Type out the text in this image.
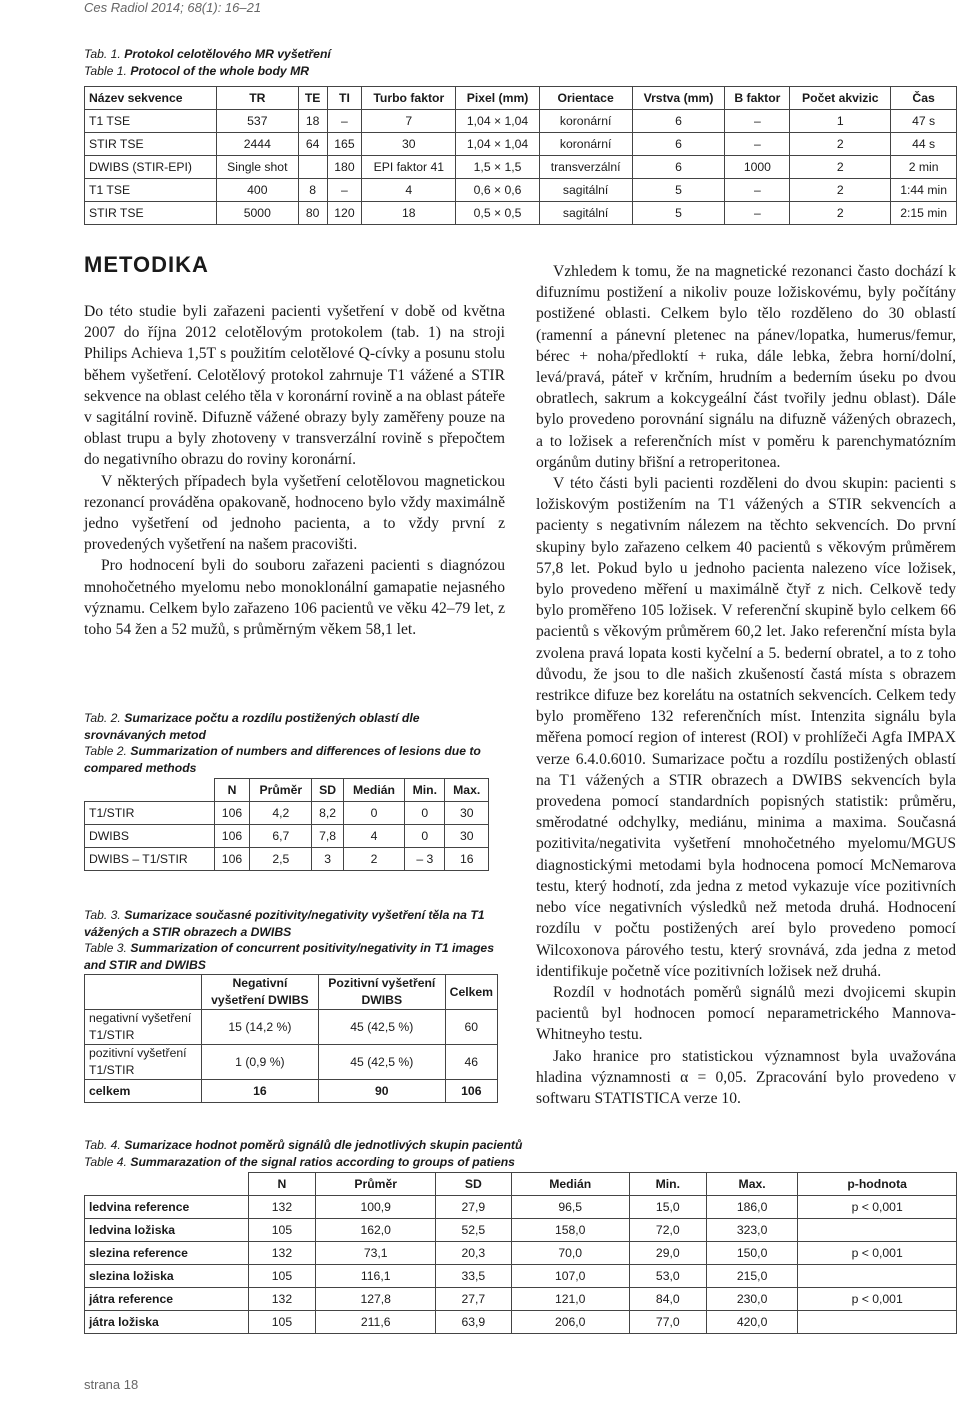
Ces Radiol 2014; 68(1): 16–21
Tab. 1. Protokol celotělového MR vyšetření
Table 1. Protocol of the whole body MR
Název sekvence	TR	TE	TI	Turbo faktor	Pixel (mm)	Orientace	Vrstva (mm)	B faktor	Počet akvizic	Čas
T1 TSE	537	18	–	7	1,04 × 1,04	koronární	6	–	1	47 s
STIR TSE	2444	64	165	30	1,04 × 1,04	koronární	6	–	2	44 s
DWIBS (STIR-EPI)	Single shot		180	EPI faktor 41	1,5 × 1,5	transverzální	6	1000	2	2 min
T1 TSE	400	8	–	4	0,6 × 0,6	sagitální	5	–	2	1:44 min
STIR TSE	5000	80	120	18	0,5 × 0,5	sagitální	5	–	2	2:15 min
METODIKA

Do této studie byli zařazeni pacienti vyšetření v době od května 2007 do října 2012 celotělovým protokolem (tab. 1) na stroji Philips Achieva 1,5T s použitím celotělové Q-cívky a posunu stolu během vyšetření. Celotělový protokol zahrnuje T1 vážené a STIR sekvence na oblast celého těla v koronární rovině a na oblast páteře v sagitální rovině. Difuzně vážené obrazy byly zaměřeny pouze na oblast trupu a byly zhotoveny v transverzální rovině s přepočtem do negativního obrazu do roviny koronární.

V některých případech byla vyšetření celotělovou magnetickou rezonancí prováděna opakovaně, hodnoceno bylo vždy maximálně jedno vyšetření od jednoho pacienta, a to vždy první z provedených vyšetření na našem pracovišti.

Pro hodnocení byli do souboru zařazeni pacienti s diagnózou mnohočetného myelomu nebo monoklonální gamapatie nejasného významu. Celkem bylo zařazeno 106 pacientů ve věku 42–79 let, z toho 54 žen a 52 mužů, s průměrným věkem 58,1 let.

Vzhledem k tomu, že na magnetické rezonanci často dochází k difuznímu postižení a nikoliv pouze ložiskovému, byly počítány postižené oblasti. Celkem bylo tělo rozděleno do 30 oblastí (ramenní a pánevní pletenec na pánev/lopatka, humerus/femur, bérec + noha/předloktí + ruka, dále lebka, žebra horní/dolní, levá/pravá, páteř v krčním, hrudním a bederním úseku po dvou obratlech, sakrum a kokcygeální část tvořily jednu oblast). Dále bylo provedeno porovnání signálu na difuzně vážených obrazech, a to ložisek a referenčních míst v poměru k parenchymatózním orgánům dutiny břišní a retroperitonea.

V této části byli pacienti rozděleni do dvou skupin: pacienti s ložiskovým postižením na T1 vážených a STIR sekvencích a pacienty s negativním nálezem na těchto sekvencích. Do první skupiny bylo zařazeno celkem 40 pacientů s věkovým průměrem 57,8 let. Pokud bylo u jednoho pacienta nalezeno více ložisek, bylo provedeno měření u maximálně čtyř z nich. Celkově tedy bylo proměřeno 105 ložisek. V referenční skupině bylo celkem 66 pacientů s věkovým průměrem 60,2 let. Jako referenční místa byla zvolena pravá lopata kosti kyčelní a 5. bederní obratel, a to z toho důvodu, že jsou to dle našich zkušeností častá místa s obrazem restrikce difuze bez korelátu na ostatních sekvencích. Celkem tedy bylo proměřeno 132 referenčních míst. Intenzita signálu byla měřena pomocí region of interest (ROI) v prohlížeči Agfa IMPAX verze 6.4.0.6010. Sumarizace počtu a rozdílu postižených oblastí na T1 vážených a STIR obrazech a DWIBS sekvencích byla provedena pomocí standardních popisných statistik: průměru, směrodatné odchylky, mediánu, minima a maxima. Současná pozitivita/negativita vyšetření mnohočetného myelomu/MGUS diagnostickými metodami byla hodnocena pomocí McNemarova testu, který hodnotí, zda jedna z metod vykazuje více pozitivních nebo více negativních výsledků než metoda druhá. Hodnocení rozdílu v počtu postižených areí bylo provedeno pomocí Wilcoxonova párového testu, který srovnává, zda jedna z metod identifikuje početně více pozitivních ložisek než druhá.

Rozdíl v hodnotách poměrů signálů mezi dvojicemi skupin pacientů byl hodnocen pomocí neparametrického Mannova-Whitneyho testu.

Jako hranice pro statistickou významnost byla uvažována hladina významnosti α = 0,05. Zpracování bylo provedeno v softwaru STATISTICA verze 10.

Tab. 2. Sumarizace počtu a rozdílu postižených oblastí dle srovnávaných metod
Table 2. Summarization of numbers and differences of lesions due to compared methods
	N	Průměr	SD	Medián	Min.	Max.
T1/STIR	106	4,2	8,2	0	0	30
DWIBS	106	6,7	7,8	4	0	30
DWIBS – T1/STIR	106	2,5	3	2	– 3	16
Tab. 3. Sumarizace současné pozitivity/negativity vyšetření těla na T1 vážených a STIR obrazech a DWIBS
Table 3. Summarization of concurrent positivity/negativity in T1 images and STIR and DWIBS
	Negativní vyšetření DWIBS	Pozitivní vyšetření DWIBS	Celkem
negativní vyšetření T1/STIR	15 (14,2 %)	45 (42,5 %)	60
pozitivní vyšetření T1/STIR	1 (0,9 %)	45 (42,5 %)	46
celkem	16	90	106
Tab. 4. Sumarizace hodnot poměrů signálů dle jednotlivých skupin pacientů
Table 4. Summarazation of the signal ratios according to groups of patiens
	N	Průměr	SD	Medián	Min.	Max.	p-hodnota
ledvina reference	132	100,9	27,9	96,5	15,0	186,0	p < 0,001
ledvina ložiska	105	162,0	52,5	158,0	72,0	323,0	
slezina reference	132	73,1	20,3	70,0	29,0	150,0	p < 0,001
slezina ložiska	105	116,1	33,5	107,0	53,0	215,0	
játra reference	132	127,8	27,7	121,0	84,0	230,0	p < 0,001
játra ložiska	105	211,6	63,9	206,0	77,0	420,0	
strana 18
